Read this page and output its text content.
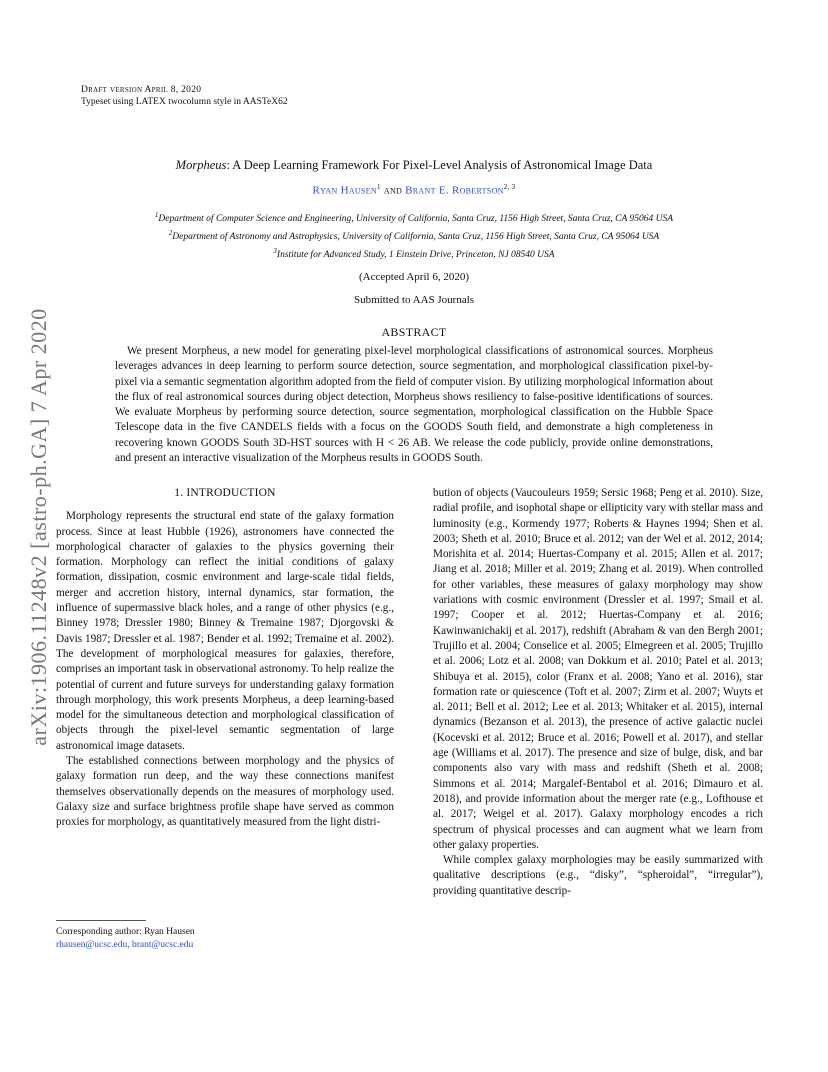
arXiv:1906.11248v2 [astro-ph.GA] 7 Apr 2020
Draft version April 8, 2020
Typeset using LATEX twocolumn style in AASTeX62
Morpheus: A Deep Learning Framework For Pixel-Level Analysis of Astronomical Image Data
Ryan Hausen$^1$ and Brant E. Robertson$^{2, 3}$
$^1$Department of Computer Science and Engineering, University of California, Santa Cruz, 1156 High Street, Santa Cruz, CA 95064 USA
$^2$Department of Astronomy and Astrophysics, University of California, Santa Cruz, 1156 High Street, Santa Cruz, CA 95064 USA
$^3$Institute for Advanced Study, 1 Einstein Drive, Princeton, NJ 08540 USA
(Accepted April 6, 2020)
Submitted to AAS Journals
ABSTRACT
We present Morpheus, a new model for generating pixel-level morphological classifications of astronomical sources. Morpheus leverages advances in deep learning to perform source detection, source segmentation, and morphological classification pixel-by-pixel via a semantic segmentation algorithm adopted from the field of computer vision. By utilizing morphological information about the flux of real astronomical sources during object detection, Morpheus shows resiliency to false-positive identifications of sources. We evaluate Morpheus by performing source detection, source segmentation, morphological classification on the Hubble Space Telescope data in the five CANDELS fields with a focus on the GOODS South field, and demonstrate a high completeness in recovering known GOODS South 3D-HST sources with H < 26 AB. We release the code publicly, provide online demonstrations, and present an interactive visualization of the Morpheus results in GOODS South.
1. INTRODUCTION

Morphology represents the structural end state of the galaxy formation process. Since at least Hubble (1926), astronomers have connected the morphological character of galaxies to the physics governing their formation. Morphology can reflect the initial conditions of galaxy formation, dissipation, cosmic environment and large-scale tidal fields, merger and accretion history, internal dynamics, star formation, the influence of supermassive black holes, and a range of other physics (e.g., Binney 1978; Dressler 1980; Binney & Tremaine 1987; Djorgovski & Davis 1987; Dressler et al. 1987; Bender et al. 1992; Tremaine et al. 2002). The development of morphological measures for galaxies, therefore, comprises an important task in observational astronomy. To help realize the potential of current and future surveys for understanding galaxy formation through morphology, this work presents Morpheus, a deep learning-based model for the simultaneous detection and morphological classification of objects through the pixel-level semantic segmentation of large astronomical image datasets.

The established connections between morphology and the physics of galaxy formation run deep, and the way these connections manifest themselves observationally depends on the measures of morphology used. Galaxy size and surface brightness profile shape have served as common proxies for morphology, as quantitatively measured from the light distri-

bution of objects (Vaucouleurs 1959; Sersic 1968; Peng et al. 2010). Size, radial profile, and isophotal shape or ellipticity vary with stellar mass and luminosity (e.g., Kormendy 1977; Roberts & Haynes 1994; Shen et al. 2003; Sheth et al. 2010; Bruce et al. 2012; van der Wel et al. 2012, 2014; Morishita et al. 2014; Huertas-Company et al. 2015; Allen et al. 2017; Jiang et al. 2018; Miller et al. 2019; Zhang et al. 2019). When controlled for other variables, these measures of galaxy morphology may show variations with cosmic environment (Dressler et al. 1997; Smail et al. 1997; Cooper et al. 2012; Huertas-Company et al. 2016; Kawinwanichakij et al. 2017), redshift (Abraham & van den Bergh 2001; Trujillo et al. 2004; Conselice et al. 2005; Elmegreen et al. 2005; Trujillo et al. 2006; Lotz et al. 2008; van Dokkum et al. 2010; Patel et al. 2013; Shibuya et al. 2015), color (Franx et al. 2008; Yano et al. 2016), star formation rate or quiescence (Toft et al. 2007; Zirm et al. 2007; Wuyts et al. 2011; Bell et al. 2012; Lee et al. 2013; Whitaker et al. 2015), internal dynamics (Bezanson et al. 2013), the presence of active galactic nuclei (Kocevski et al. 2012; Bruce et al. 2016; Powell et al. 2017), and stellar age (Williams et al. 2017). The presence and size of bulge, disk, and bar components also vary with mass and redshift (Sheth et al. 2008; Simmons et al. 2014; Margalef-Bentabol et al. 2016; Dimauro et al. 2018), and provide information about the merger rate (e.g., Lofthouse et al. 2017; Weigel et al. 2017). Galaxy morphology encodes a rich spectrum of physical processes and can augment what we learn from other galaxy properties.

While complex galaxy morphologies may be easily summarized with qualitative descriptions (e.g., “disky”, “spheroidal”, “irregular”), providing quantitative descrip-

Corresponding author: Ryan Hausen
rhausen@ucsc.edu, brant@ucsc.edu
